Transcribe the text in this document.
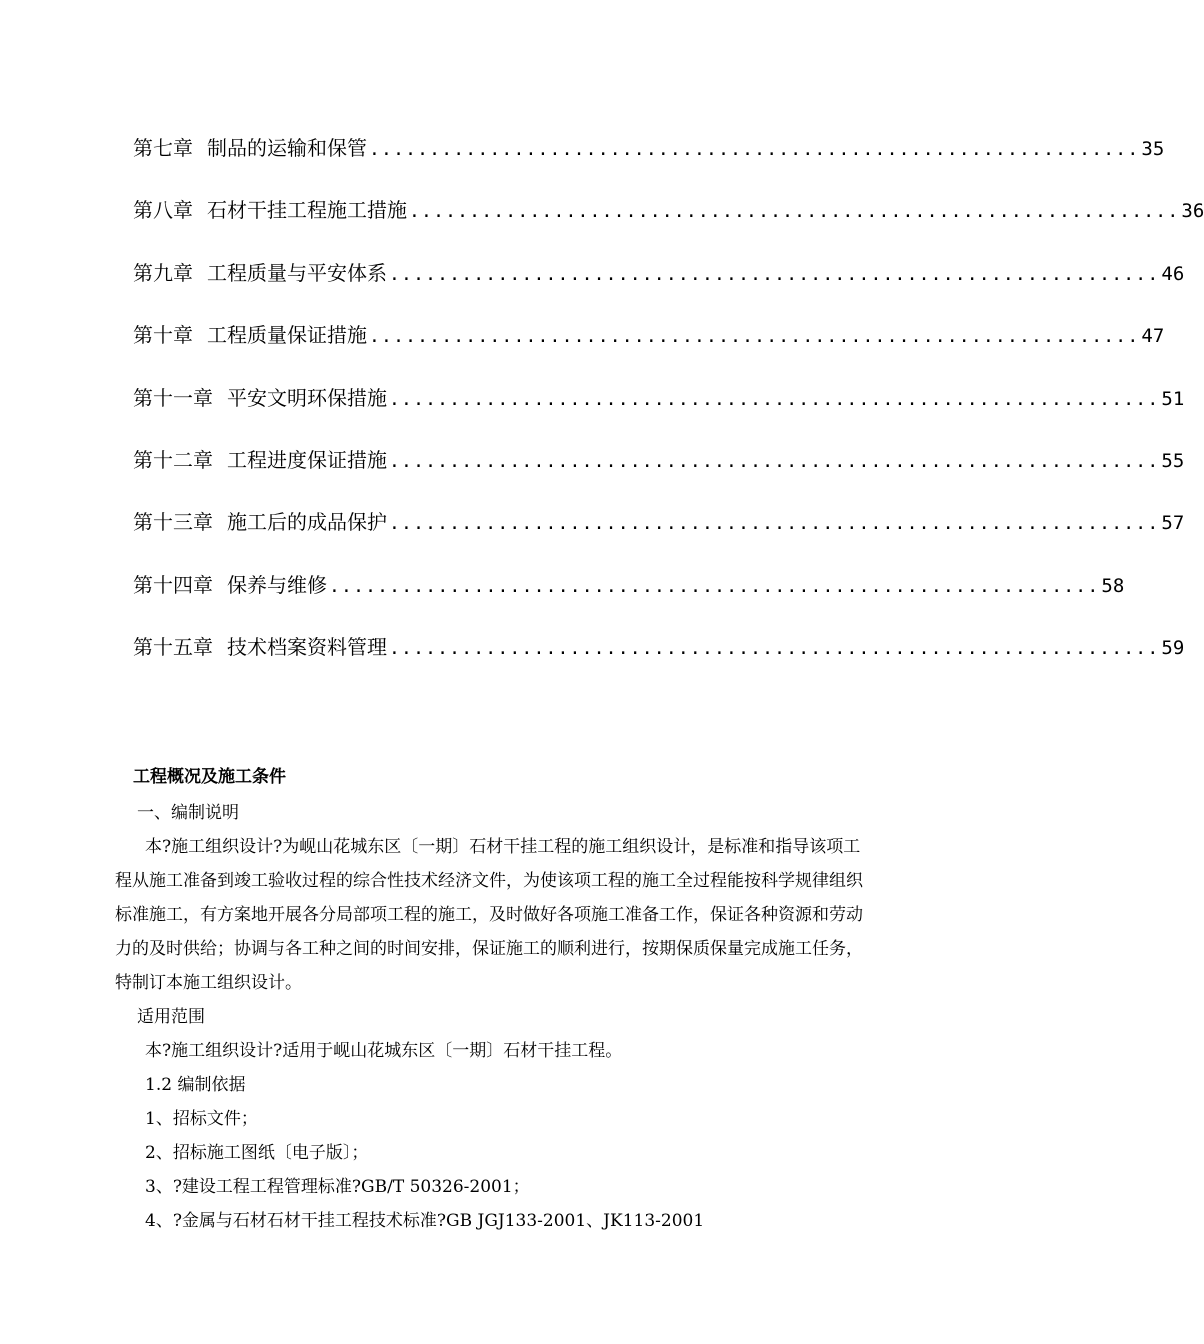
第七章 制品的运输和保管 ................................................................ 35
第八章 石材干挂工程施工措施 ................................................................ 36
第九章 工程质量与平安体系 ................................................................ 46
第十章 工程质量保证措施 ................................................................ 47
第十一章 平安文明环保措施 ................................................................ 51
第十二章 工程进度保证措施 ................................................................ 55
第十三章 施工后的成品保护 ................................................................ 57
第十四章 保养与维修 ................................................................ 58
第十五章 技术档案资料管理 ................................................................ 59
工程概况及施工条件
一、编制说明
本?施工组织设计?为岘山花城东区〔一期〕石材干挂工程的施工组织设计，是标准和指导该项工程从施工准备到竣工验收过程的综合性技术经济文件，为使该项工程的施工全过程能按科学规律组织标准施工，有方案地开展各分局部项工程的施工，及时做好各项施工准备工作，保证各种资源和劳动力的及时供给；协调与各工种之间的时间安排，保证施工的顺利进行，按期保质保量完成施工任务，特制订本施工组织设计。
适用范围
本?施工组织设计?适用于岘山花城东区〔一期〕石材干挂工程。
1.2 编制依据
1、招标文件；
2、招标施工图纸〔电子版〕；
3、?建设工程工程管理标准?GB/T 50326-2001；
4、?金属与石材石材干挂工程技术标准?GB JGJ133-2001、JK113-2001
